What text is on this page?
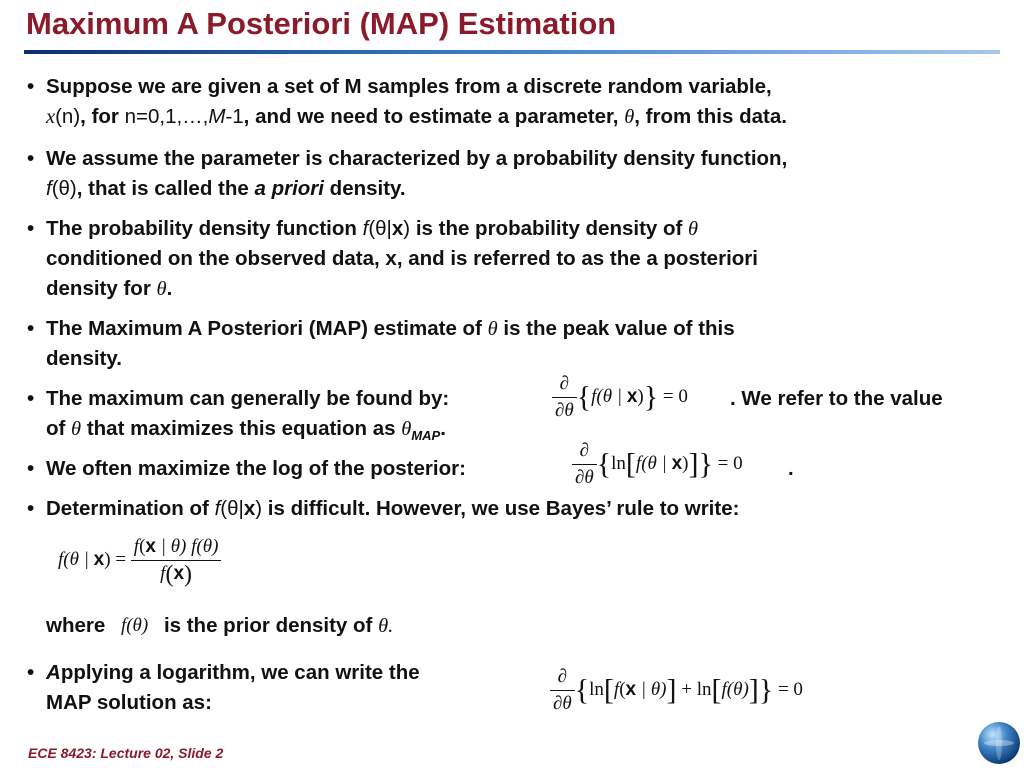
Maximum A Posteriori (MAP) Estimation
• Suppose we are given a set of M samples from a discrete random variable,
x(n), for n=0,1,…,M-1, and we need to estimate a parameter, θ, from this data.
• We assume the parameter is characterized by a probability density function,
f(θ), that is called the a priori density.
• The probability density function f(θ|x) is the probability density of θ
conditioned on the observed data, x, and is referred to as the a posteriori
density for θ.
• The Maximum A Posteriori (MAP) estimate of θ is the peak value of this
density.
• The maximum can generally be found by:	. We refer to the value
of θ that maximizes this equation as $\theta_{MAP}$.
$\frac{\partial}{\partial\theta} \{f(\theta$ | x)} = 0
• We often maximize the log of the posterior:	.
$\frac{\partial}{\partial\theta} \{\ln[f(\theta$ | x)]} = 0
• Determination of f(θ|x) is difficult. However, we use Bayes’ rule to write:
f(θ | $x) = \frac{f(x | \theta) f(\theta)}{f(x)}$
where f(θ) is the prior density of θ.
• Applying a logarithm, we can write the
MAP solution as:	$\frac{\partial}{\partial\theta} \{\ln[f(x$ | θ)] + ln[f(θ)]} = 0
ECE 8423: Lecture 02, Slide 2
